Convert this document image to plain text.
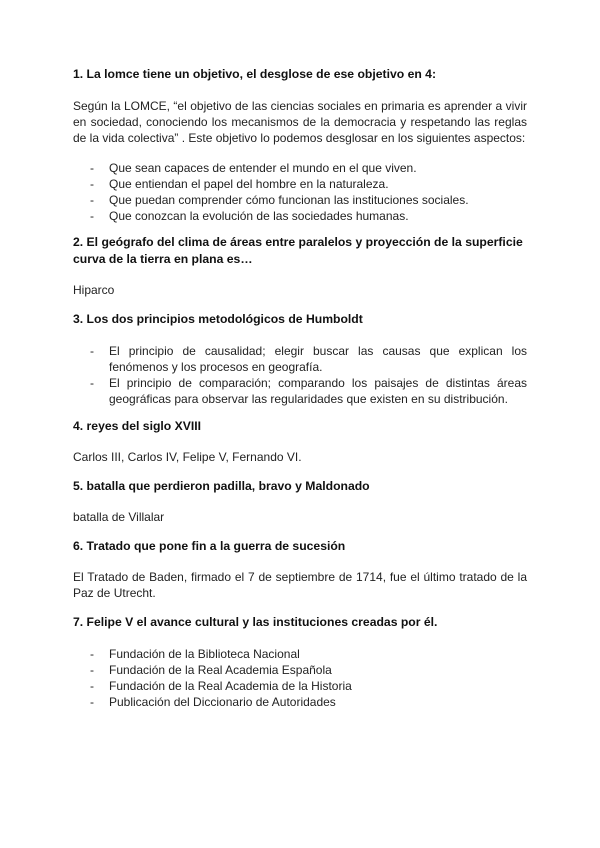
1. La lomce tiene un objetivo, el desglose de ese objetivo en 4:

Según la LOMCE, “el objetivo de las ciencias sociales en primaria es aprender a vivir en sociedad, conociendo los mecanismos de la democracia y respetando las reglas de la vida colectiva” . Este objetivo lo podemos desglosar en los siguientes aspectos:

- Que sean capaces de entender el mundo en el que viven.
- Que entiendan el papel del hombre en la naturaleza.
- Que puedan comprender cómo funcionan las instituciones sociales.
- Que conozcan la evolución de las sociedades humanas.

2. El geógrafo del clima de áreas entre paralelos y proyección de la superficie curva de la tierra en plana es…

Hiparco

3. Los dos principios metodológicos de Humboldt

- El principio de causalidad; elegir buscar las causas que explican los fenómenos y los procesos en geografía.
- El principio de comparación; comparando los paisajes de distintas áreas geográficas para observar las regularidades que existen en su distribución.

4. reyes del siglo XVIII

Carlos III, Carlos IV, Felipe V, Fernando VI.

5. batalla que perdieron padilla, bravo y Maldonado

batalla de Villalar

6. Tratado que pone fin a la guerra de sucesión

El Tratado de Baden, firmado el 7 de septiembre de 1714, fue el último tratado de la Paz de Utrecht.

7. Felipe V el avance cultural y las instituciones creadas por él.

- Fundación de la Biblioteca Nacional
- Fundación de la Real Academia Española
- Fundación de la Real Academia de la Historia
- Publicación del Diccionario de Autoridades
